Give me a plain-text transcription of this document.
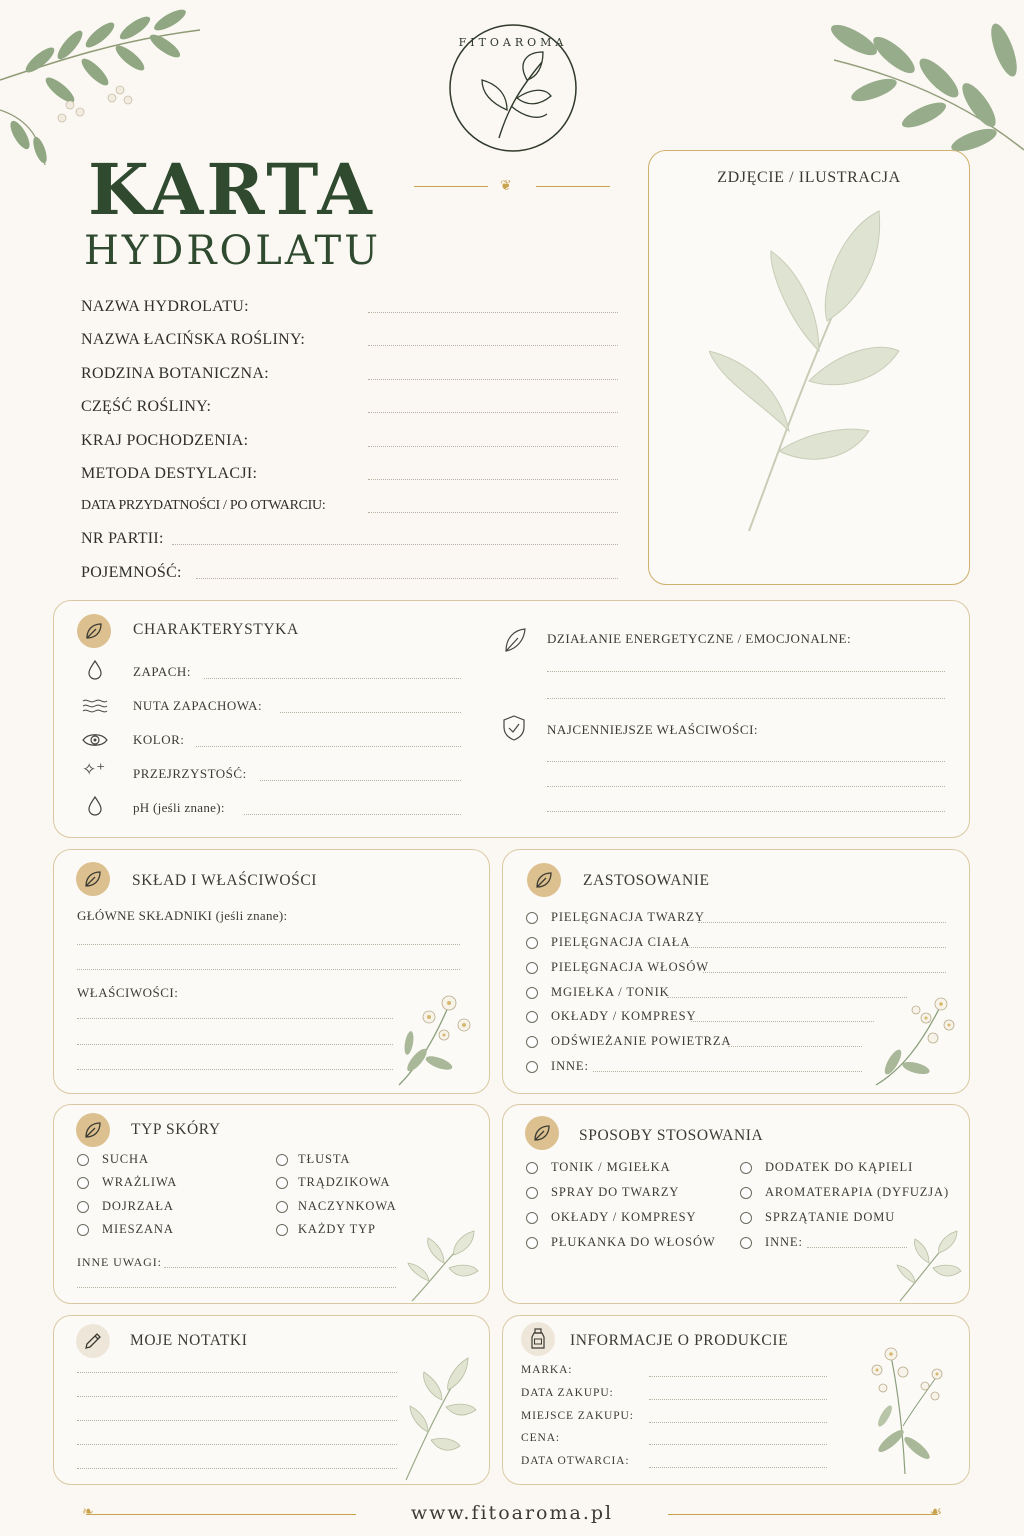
FITOAROMA
❦
KARTA
HYDROLATU
NAZWA HYDROLATU:
NAZWA ŁACIŃSKA ROŚLINY:
RODZINA BOTANICZNA:
CZĘŚĆ ROŚLINY:
KRAJ POCHODZENIA:
METODA DESTYLACJI:
DATA PRZYDATNOŚCI / PO OTWARCIU:
NR PARTII:
POJEMNOŚĆ:
ZDJĘCIE / ILUSTRACJA
CHARAKTERYSTYKA
ZAPACH:
NUTA ZAPACHOWA:
KOLOR:
✧⁺ PRZEJRZYSTOŚĆ:
pH (jeśli znane):
DZIAŁANIE ENERGETYCZNE / EMOCJONALNE:
NAJCENNIEJSZE WŁAŚCIWOŚCI:
SKŁAD I WŁAŚCIWOŚCI
GŁÓWNE SKŁADNIKI (jeśli znane):
WŁAŚCIWOŚCI:
ZASTOSOWANIE
PIELĘGNACJA TWARZY
PIELĘGNACJA CIAŁA
PIELĘGNACJA WŁOSÓW
MGIEŁKA / TONIK
OKŁADY / KOMPRESY
ODŚWIEŻANIE POWIETRZA
INNE:
TYP SKÓRY
SUCHA
WRAŻLIWA
DOJRZAŁA
MIESZANA
TŁUSTA
TRĄDZIKOWA
NACZYNKOWA
KAŻDY TYP
INNE UWAGI:
SPOSOBY STOSOWANIA
TONIK / MGIEŁKA
SPRAY DO TWARZY
OKŁADY / KOMPRESY
PŁUKANKA DO WŁOSÓW
DODATEK DO KĄPIELI
AROMATERAPIA (DYFUZJA)
SPRZĄTANIE DOMU
INNE:
MOJE NOTATKI	INFORMACJE O PRODUKCIE
MARKA:
DATA ZAKUPU:
MIEJSCE ZAKUPU:
CENA:
DATA OTWARCIA:
❧	☙
www.fitoaroma.pl
